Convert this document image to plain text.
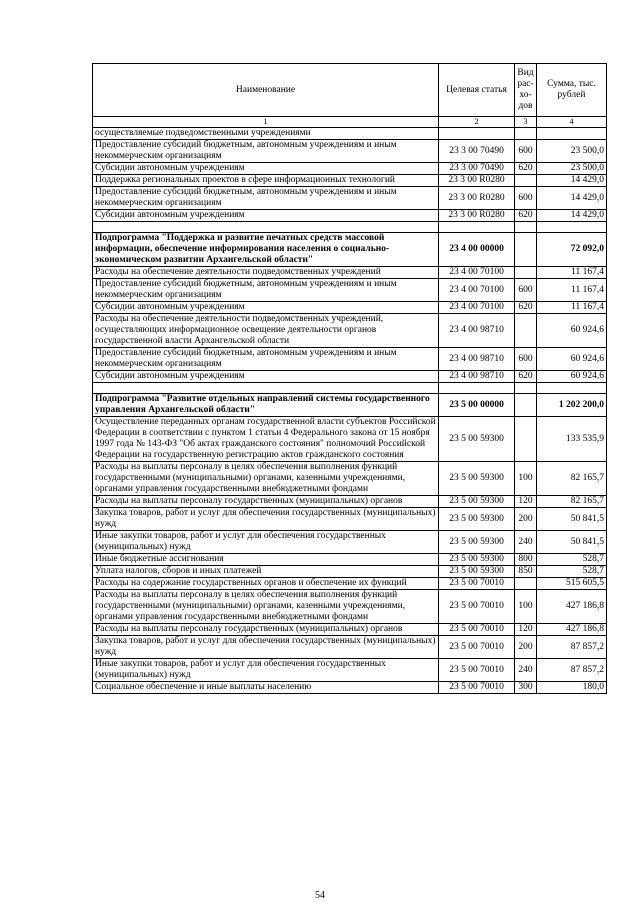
Наименование	Целевая статья	Вид рас-хо-дов	Сумма, тыс. рублей
1	2	3	4
осуществляемые подведомственными учреждениями			
Предоставление субсидий бюджетным, автономным учреждениям и иным некоммерческим организациям	23 3 00 70490	600	23 500,0
Субсидии автономным учреждениям	23 3 00 70490	620	23 500,0
Поддержка региональных проектов в сфере информационных технологий	23 3 00 R0280		14 429,0
Предоставление субсидий бюджетным, автономным учреждениям и иным некоммерческим организациям	23 3 00 R0280	600	14 429,0
Субсидии автономным учреждениям	23 3 00 R0280	620	14 429,0

Подпрограмма "Поддержка и развитие печатных средств массовой информации, обеспечение информирования населения о социально-экономическом развитии Архангельской области"	23 4 00 00000		72 092,0
Расходы на обеспечение деятельности подведомственных учреждений	23 4 00 70100		11 167,4
Предоставление субсидий бюджетным, автономным учреждениям и иным некоммерческим организациям	23 4 00 70100	600	11 167,4
Субсидии автономным учреждениям	23 4 00 70100	620	11 167,4
Расходы на обеспечение деятельности подведомственных учреждений, осуществляющих информационное освещение деятельности органов государственной власти Архангельской области	23 4 00 98710		60 924,6
Предоставление субсидий бюджетным, автономным учреждениям и иным некоммерческим организациям	23 4 00 98710	600	60 924,6
Субсидии автономным учреждениям	23 4 00 98710	620	60 924,6

Подпрограмма "Развитие отдельных направлений системы государственного управления Архангельской области"	23 5 00 00000		1 202 200,0
Осуществление переданных органам государственной власти субъектов Российской Федерации в соответствии с пунктом 1 статьи 4 Федерального закона от 15 ноября 1997 года № 143-ФЗ "Об актах гражданского состояния" полномочий Российской Федерации на государственную регистрацию актов гражданского состояния	23 5 00 59300		133 535,9
Расходы на выплаты персоналу в целях обеспечения выполнения функций государственными (муниципальными) органами, казенными учреждениями, органами управления государственными внебюджетными фондами	23 5 00 59300	100	82 165,7
Расходы на выплаты персоналу государственных (муниципальных) органов	23 5 00 59300	120	82 165,7
Закупка товаров, работ и услуг для обеспечения государственных (муниципальных) нужд	23 5 00 59300	200	50 841,5
Иные закупки товаров, работ и услуг для обеспечения государственных (муниципальных) нужд	23 5 00 59300	240	50 841,5
Иные бюджетные ассигнования	23 5 00 59300	800	528,7
Уплата налогов, сборов и иных платежей	23 5 00 59300	850	528,7
Расходы на содержание государственных органов и обеспечение их функций	23 5 00 70010		515 605,5
Расходы на выплаты персоналу в целях обеспечения выполнения функций государственными (муниципальными) органами, казенными учреждениями, органами управления государственными внебюджетными фондами	23 5 00 70010	100	427 186,8
Расходы на выплаты персоналу государственных (муниципальных) органов	23 5 00 70010	120	427 186,8
Закупка товаров, работ и услуг для обеспечения государственных (муниципальных) нужд	23 5 00 70010	200	87 857,2
Иные закупки товаров, работ и услуг для обеспечения государственных (муниципальных) нужд	23 5 00 70010	240	87 857,2
Социальное обеспечение и иные выплаты населению	23 5 00 70010	300	180,0
54
